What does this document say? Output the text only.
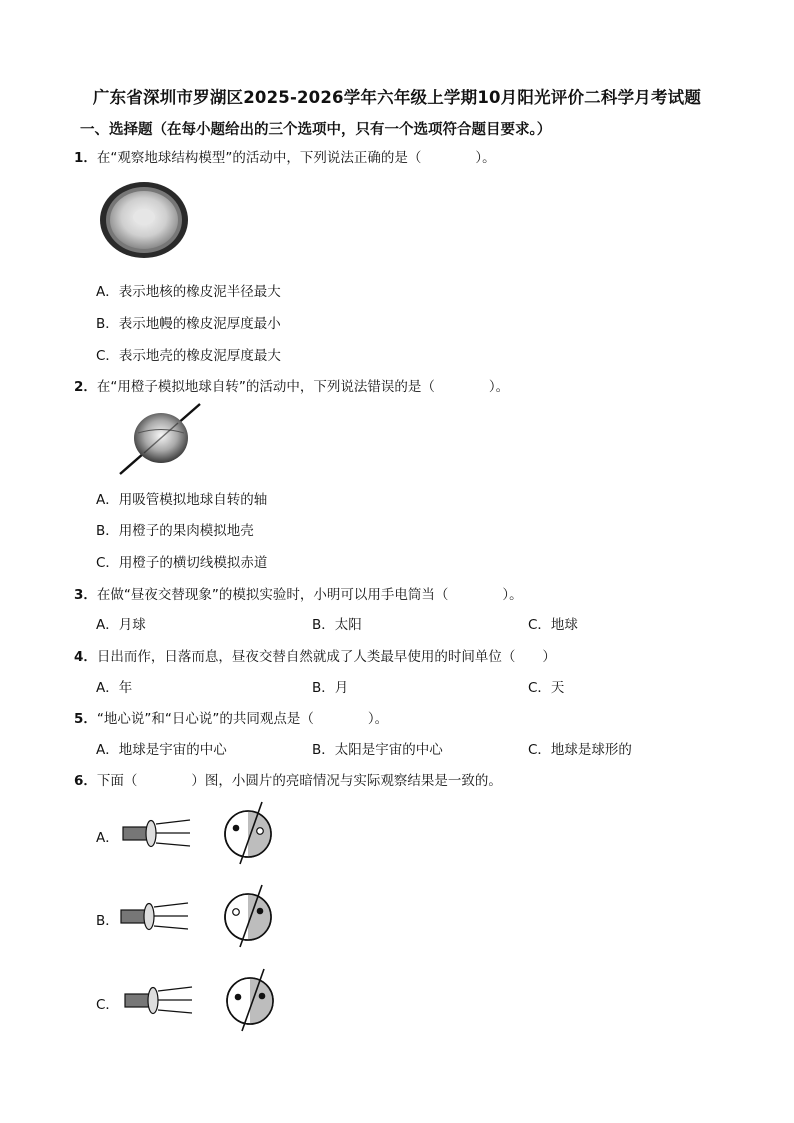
广东省深圳市罗湖区2025-2026学年六年级上学期10月阳光评价二科学月考试题
一、选择题（在每小题给出的三个选项中，只有一个选项符合题目要求。）
1．在“观察地球结构模型”的活动中，下列说法正确的是（　　　　）。
A．表示地核的橡皮泥半径最大
B．表示地幔的橡皮泥厚度最小
C．表示地壳的橡皮泥厚度最大
2．在“用橙子模拟地球自转”的活动中，下列说法错误的是（　　　　）。
A．用吸管模拟地球自转的轴
B．用橙子的果肉模拟地壳
C．用橙子的横切线模拟赤道
3．在做“昼夜交替现象”的模拟实验时，小明可以用手电筒当（　　　　）。
A．月球	B．太阳	C．地球
4．日出而作，日落而息，昼夜交替自然就成了人类最早使用的时间单位（　　）
A．年	B．月	C．天
5．“地心说”和“日心说”的共同观点是（　　　　）。
A．地球是宇宙的中心	B．太阳是宇宙的中心	C．地球是球形的
6．下面（　　　　）图，小圆片的亮暗情况与实际观察结果是一致的。
A．
B．
C．
